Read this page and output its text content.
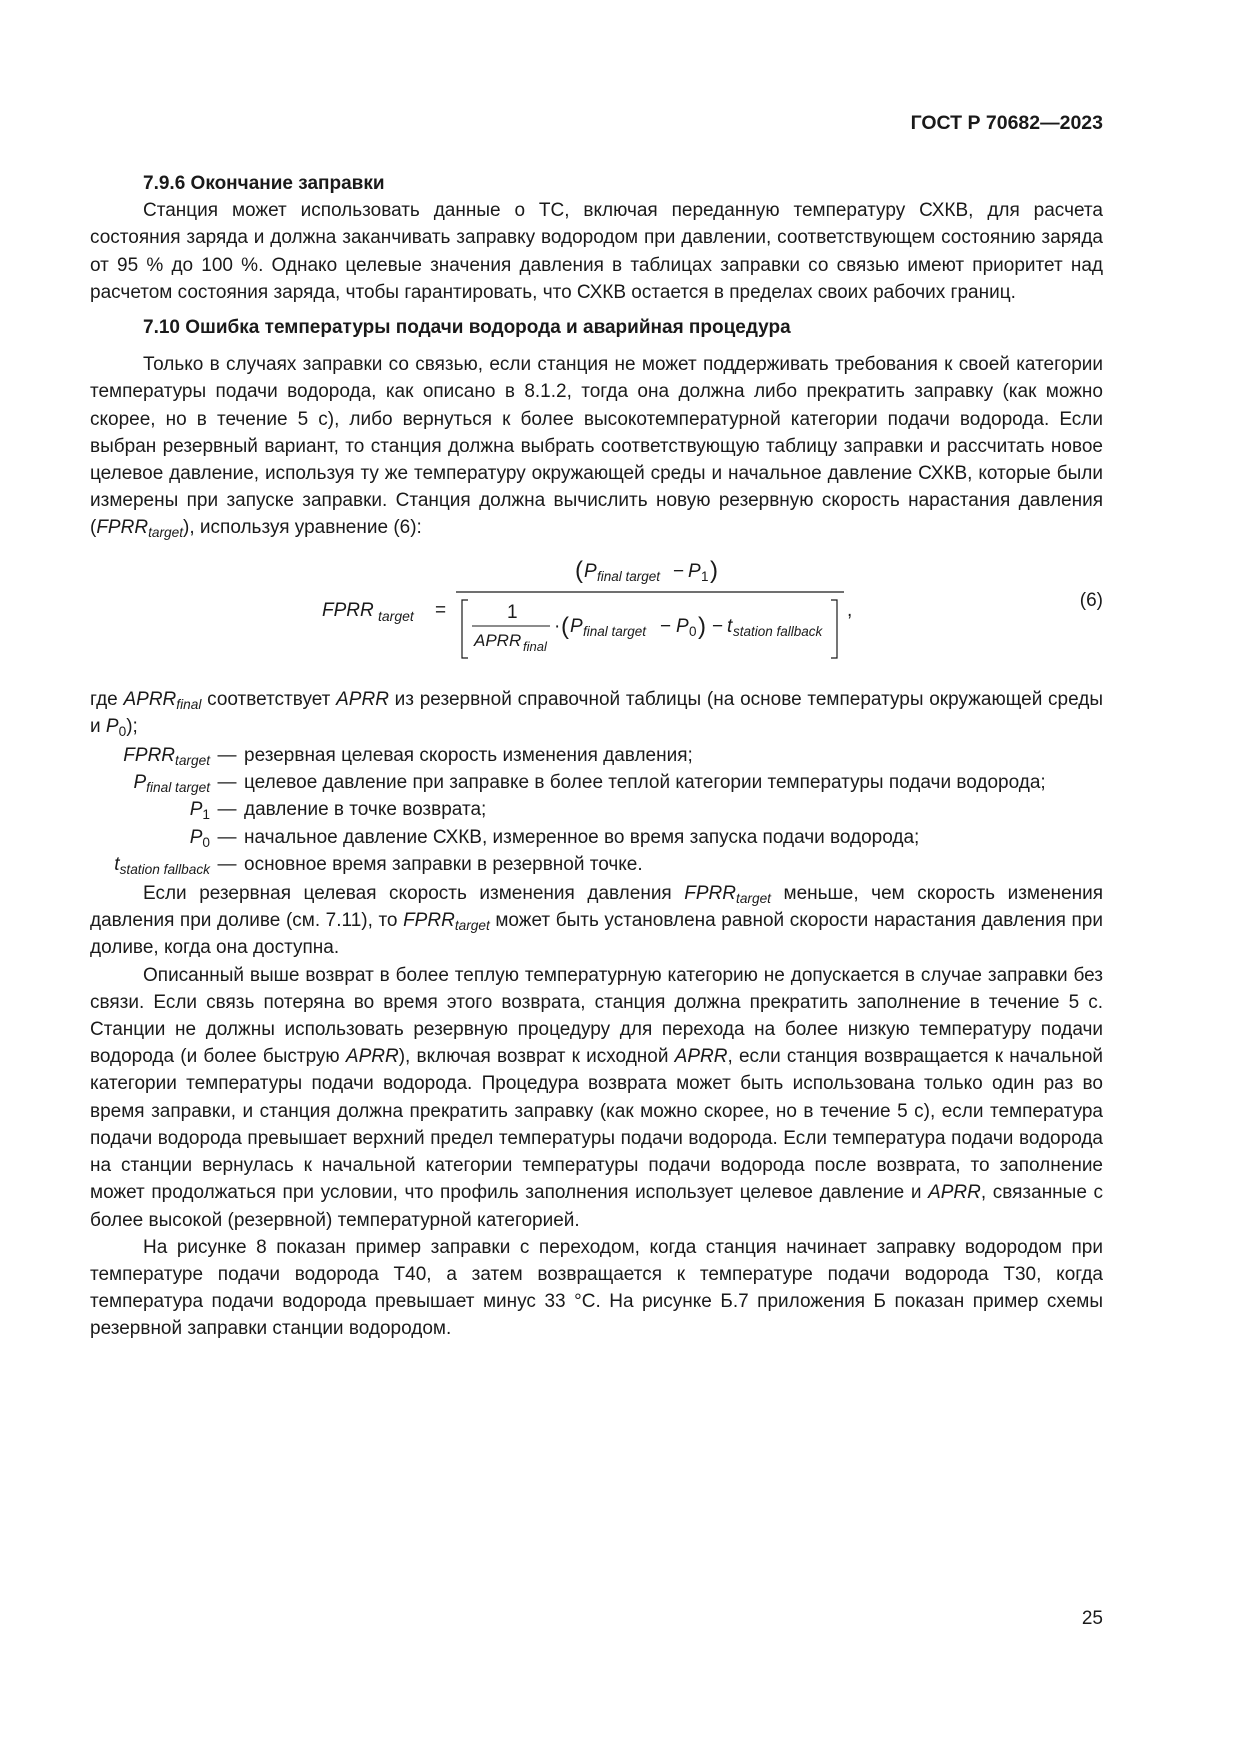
ГОСТ Р 70682—2023
7.9.6 Окончание заправки

Станция может использовать данные о ТС, включая переданную температуру СХКВ, для расчета состояния заряда и должна заканчивать заправку водородом при давлении, соответствующем состоянию заряда от 95 % до 100 %. Однако целевые значения давления в таблицах заправки со связью имеют приоритет над расчетом состояния заряда, чтобы гарантировать, что СХКВ остается в пределах своих рабочих границ.

7.10 Ошибка температуры подачи водорода и аварийная процедура

Только в случаях заправки со связью, если станция не может поддерживать требования к своей категории температуры подачи водорода, как описано в 8.1.2, тогда она должна либо прекратить заправку (как можно скорее, но в течение 5 с), либо вернуться к более высокотемпературной категории подачи водорода. Если выбран резервный вариант, то станция должна выбрать соответствующую таблицу заправки и рассчитать новое целевое давление, используя ту же температуру окружающей среды и начальное давление СХКВ, которые были измерены при запуске заправки. Станция должна вычислить новую резервную скорость нарастания давления $(FPRR_{target})$, используя уравнение (6):

FPRR target =
( P final target − P 1 )
1
APRR final
· ( P final target − P 0 ) − t station fallback
,	(6)

где $APRR_{final}$ соответствует APRR из резервной справочной таблицы (на основе температуры окружающей среды и $P_0$);

$FPRR_{target}$ — резервная целевая скорость изменения давления;
$P_{final target}$ — целевое давление при заправке в более теплой категории температуры подачи водорода;
$P_1$ — давление в точке возврата;
$P_0$ — начальное давление СХКВ, измеренное во время запуска подачи водорода;
$t_{station fallback}$ — основное время заправки в резервной точке.

Если резервная целевая скорость изменения давления $FPRR_{target}$ меньше, чем скорость изменения давления при доливе (см. 7.11), то $FPRR_{target}$ может быть установлена равной скорости нарастания давления при доливе, когда она доступна.

Описанный выше возврат в более теплую температурную категорию не допускается в случае заправки без связи. Если связь потеряна во время этого возврата, станция должна прекратить заполнение в течение 5 с. Станции не должны использовать резервную процедуру для перехода на более низкую температуру подачи водорода (и более быструю APRR), включая возврат к исходной APRR, если станция возвращается к начальной категории температуры подачи водорода. Процедура возврата может быть использована только один раз во время заправки, и станция должна прекратить заправку (как можно скорее, но в течение 5 с), если температура подачи водорода превышает верхний предел температуры подачи водорода. Если температура подачи водорода на станции вернулась к начальной категории температуры подачи водорода после возврата, то заполнение может продолжаться при условии, что профиль заполнения использует целевое давление и APRR, связанные с более высокой (резервной) температурной категорией.

На рисунке 8 показан пример заправки с переходом, когда станция начинает заправку водородом при температуре подачи водорода Т40, а затем возвращается к температуре подачи водорода Т30, когда температура подачи водорода превышает минус 33 °С. На рисунке Б.7 приложения Б показан пример схемы резервной заправки станции водородом.

25
